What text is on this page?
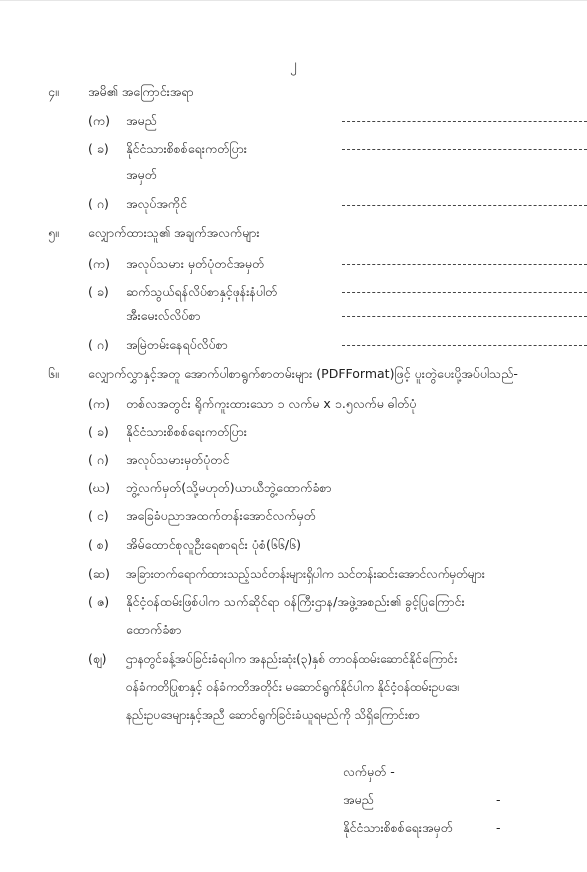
၂
၄။ အမိ၏ အကြောင်းအရာ
(က) အမည်
( ခ) နိုင်ငံသားစိစစ်ရေးကတ်ပြား
အမှတ်
( ဂ) အလုပ်အကိုင်
၅။ လျှောက်ထားသူ၏ အချက်အလက်များ
(က) အလုပ်သမား မှတ်ပုံတင်အမှတ်
( ခ) ဆက်သွယ်ရန်လိပ်စာနှင့်ဖုန်းနံပါတ်
အီးမေးလ်လိပ်စာ
( ဂ) အမြဲတမ်းနေရပ်လိပ်စာ
၆။ လျှောက်လွှာနှင့်အတူ အောက်ပါစာရွက်စာတမ်းများ (PDFFormat)ဖြင့် ပူးတွဲပေးပို့အပ်ပါသည်-
(က) တစ်လအတွင်း ရိုက်ကူးထားသော ၁ လက်မ x ၁.၅လက်မ ဓါတ်ပုံ
( ခ) နိုင်ငံသားစိစစ်ရေးကတ်ပြား
( ဂ) အလုပ်သမားမှတ်ပုံတင်
(ဃ) ဘွဲ့လက်မှတ်(သို့မဟုတ်)ယာယီဘွဲ့ထောက်ခံစာ
( င) အခြေခံပညာအထက်တန်းအောင်လက်မှတ်
( စ) အိမ်ထောင်စုလူဦးရေစာရင်း ပုံစံ(၆၆/၆)
(ဆ) အခြားတက်ရောက်ထားသည့်သင်တန်းများရှိပါက သင်တန်းဆင်းအောင်လက်မှတ်များ
( ဇ) နိုင်ငံ့ဝန်ထမ်းဖြစ်ပါက သက်ဆိုင်ရာ ဝန်ကြီးဌာန/အဖွဲ့အစည်း၏ ခွင့်ပြုကြောင်း
ထောက်ခံစာ
(ဈ) ဌာနတွင်ခန့်အပ်ခြင်းခံရပါက အနည်းဆုံး(၃)နှစ် တာဝန်ထမ်းဆောင်နိုင်ကြောင်း
ဝန်ခံကတိပြုစာနှင့် ဝန်ခံကတိအတိုင်း မဆောင်ရွက်နိုင်ပါက နိုင်ငံ့ဝန်ထမ်းဥပဒေ၊
နည်းဥပဒေများနှင့်အညီ ဆောင်ရွက်ခြင်းခံယူရမည်ကို သိရှိကြောင်းစာ
လက်မှတ် -
အမည်	-
နိုင်ငံသားစိစစ်ရေးအမှတ်	-
